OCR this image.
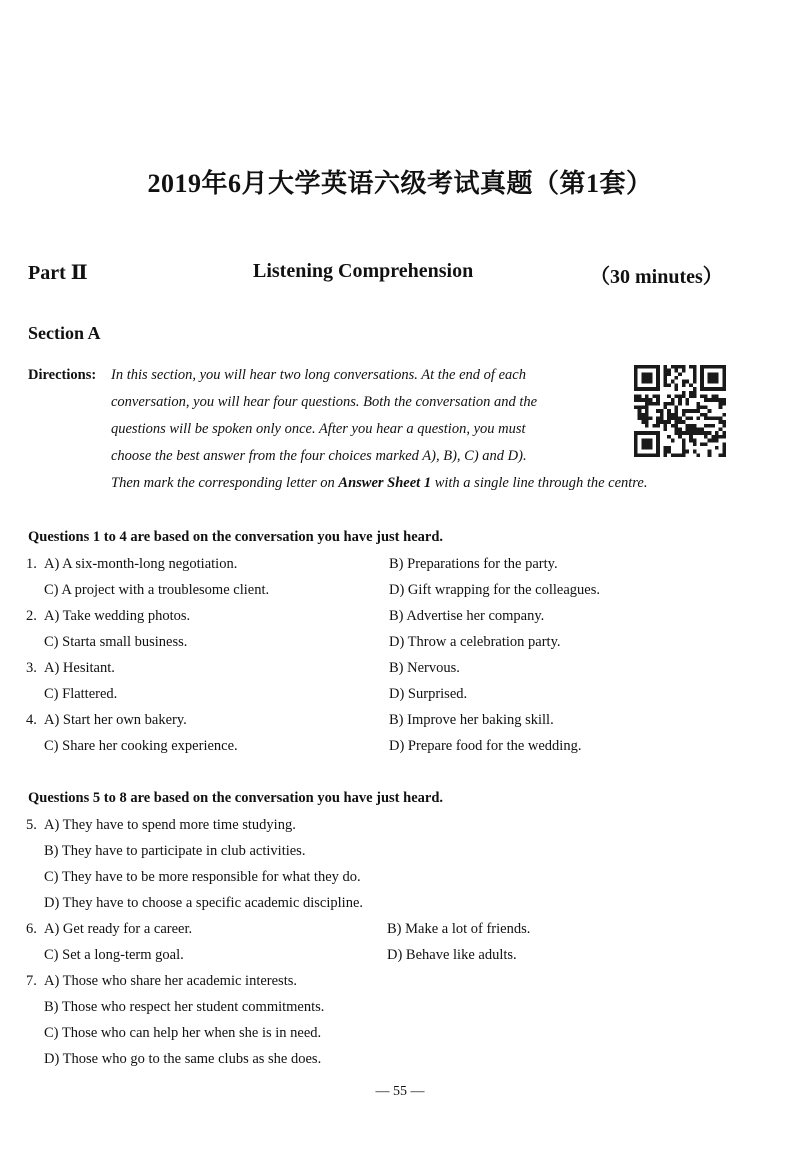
2019年6月大学英语六级考试真题（第1套）
Part Ⅱ	Listening Comprehension	（30 minutes）
Section A
Directions: In this section, you will hear two long conversations. At the end of each
conversation, you will hear four questions. Both the conversation and the
questions will be spoken only once. After you hear a question, you must
choose the best answer from the four choices marked A), B), C) and D).
Then mark the corresponding letter on Answer Sheet 1 with a single line through the centre.
Questions 1 to 4 are based on the conversation you have just heard.
1. A) A six-month-long negotiation.	B) Preparations for the party.
C) A project with a troublesome client.	D) Gift wrapping for the colleagues.
2. A) Take wedding photos.	B) Advertise her company.
C) Starta small business.	D) Throw a celebration party.
3. A) Hesitant.	B) Nervous.
C) Flattered.	D) Surprised.
4. A) Start her own bakery.	B) Improve her baking skill.
C) Share her cooking experience.	D) Prepare food for the wedding.
Questions 5 to 8 are based on the conversation you have just heard.
5. A) They have to spend more time studying.
B) They have to participate in club activities.
C) They have to be more responsible for what they do.
D) They have to choose a specific academic discipline.
6. A) Get ready for a career.	B) Make a lot of friends.
C) Set a long-term goal.	D) Behave like adults.
7. A) Those who share her academic interests.
B) Those who respect her student commitments.
C) Those who can help her when she is in need.
D) Those who go to the same clubs as she does.
— 55 —
